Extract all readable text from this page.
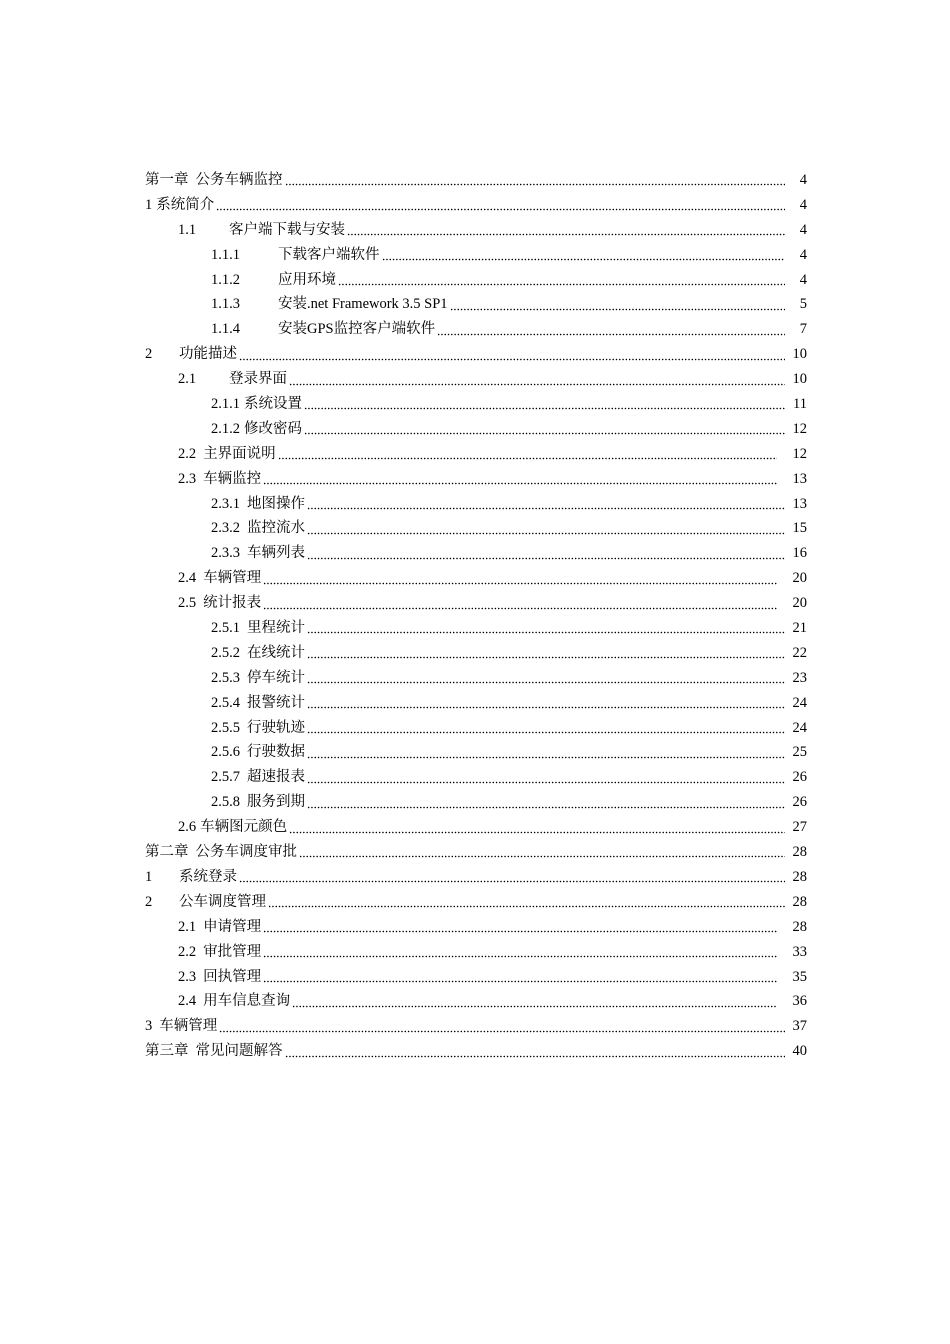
第一章 公务车辆监控	4
1 系统简介	4
1.1	客户端下载与安装	4
1.1.1	下载客户端软件	4
1.1.2	应用环境	4
1.1.3	安装.net Framework 3.5 SP1	5
1.1.4	安装GPS监控客户端软件	7
2	功能描述	10
2.1	登录界面	10
2.1.1 系统设置	11
2.1.2 修改密码	12
2.2 主界面说明	12
2.3 车辆监控	13
2.3.1 地图操作	13
2.3.2 监控流水	15
2.3.3 车辆列表	16
2.4 车辆管理	20
2.5 统计报表	20
2.5.1 里程统计	21
2.5.2 在线统计	22
2.5.3 停车统计	23
2.5.4 报警统计	24
2.5.5 行驶轨迹	24
2.5.6 行驶数据	25
2.5.7 超速报表	26
2.5.8 服务到期	26
2.6 车辆图元颜色	27
第二章 公务车调度审批	28
1	系统登录	28
2	公车调度管理	28
2.1 申请管理	28
2.2 审批管理	33
2.3 回执管理	35
2.4 用车信息查询	36
3 车辆管理	37
第三章 常见问题解答	40
